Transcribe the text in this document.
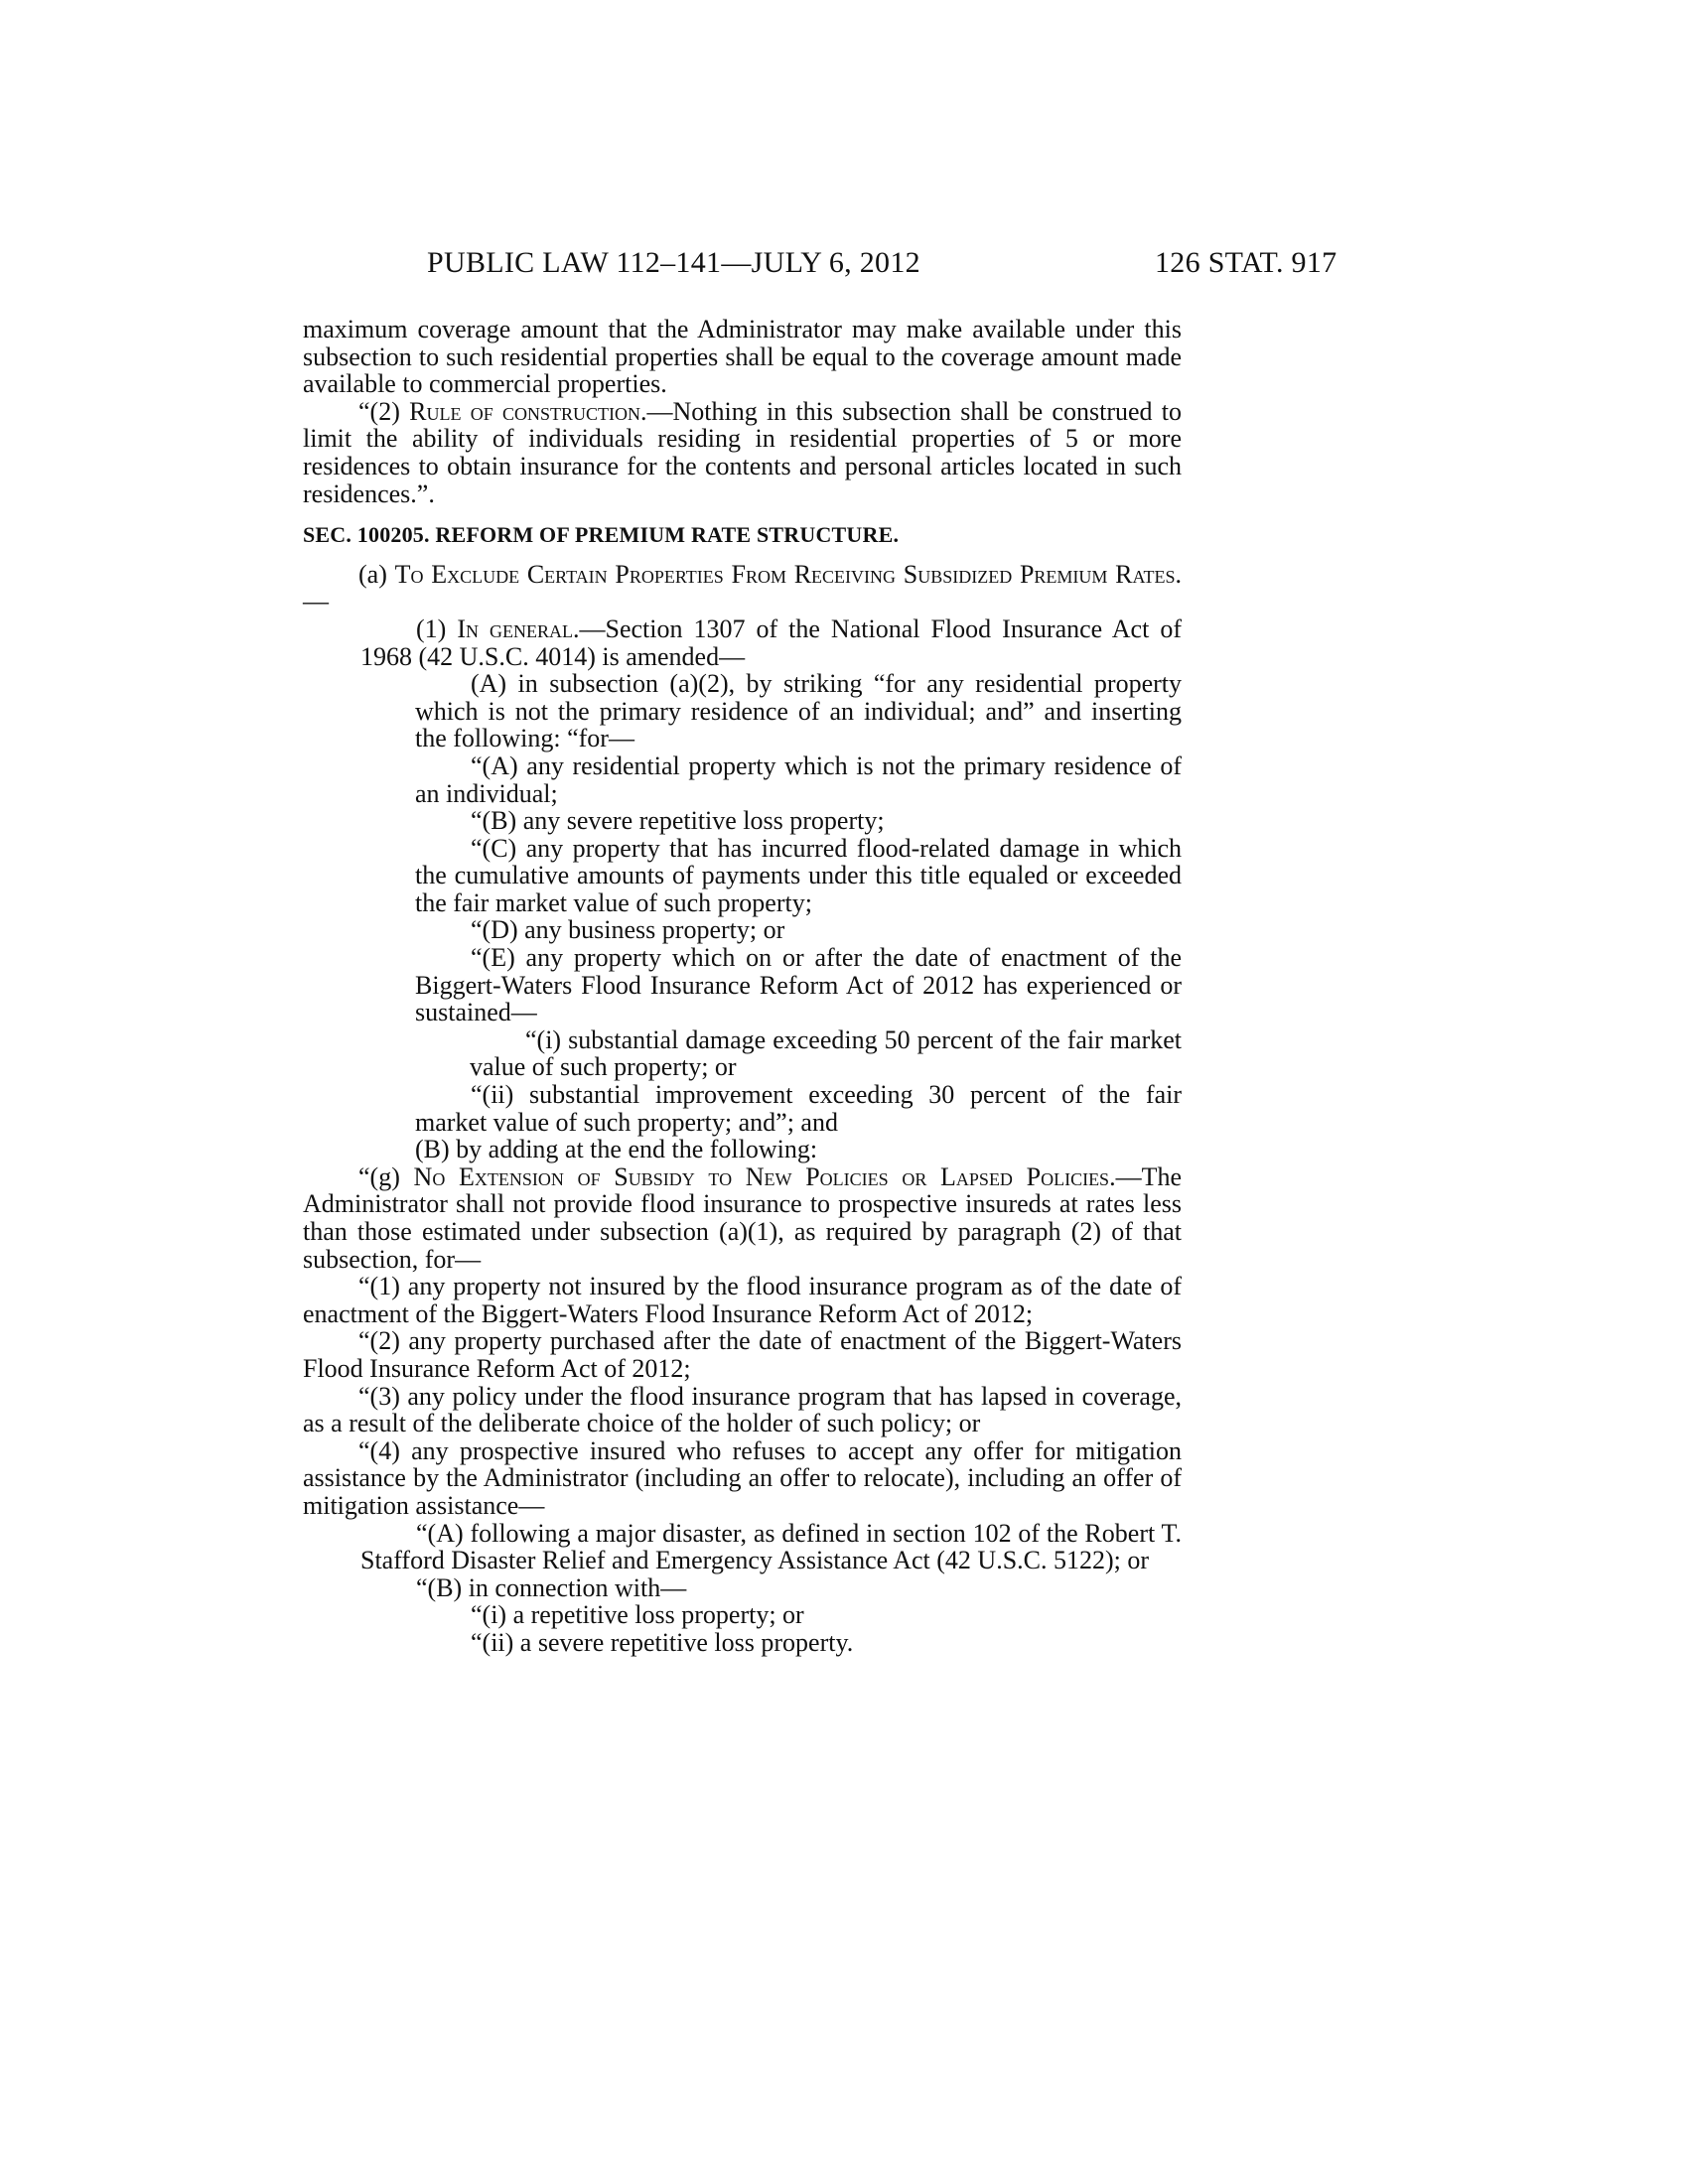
PUBLIC LAW 112–141—JULY 6, 2012	126 STAT. 917

maximum coverage amount that the Administrator may make available under this subsection to such residential properties shall be equal to the coverage amount made available to commercial properties.

“(2) Rule of construction.—Nothing in this subsection shall be construed to limit the ability of individuals residing in residential properties of 5 or more residences to obtain insurance for the contents and personal articles located in such residences.”.

SEC. 100205. REFORM OF PREMIUM RATE STRUCTURE.

(a) To Exclude Certain Properties From Receiving Subsidized Premium Rates.—

(1) In general.—Section 1307 of the National Flood Insurance Act of 1968 (42 U.S.C. 4014) is amended—

(A) in subsection (a)(2), by striking “for any residential property which is not the primary residence of an individual; and” and inserting the following: “for—

“(A) any residential property which is not the primary residence of an individual;

“(B) any severe repetitive loss property;

“(C) any property that has incurred flood-related damage in which the cumulative amounts of payments under this title equaled or exceeded the fair market value of such property;

“(D) any business property; or

“(E) any property which on or after the date of enactment of the Biggert-Waters Flood Insurance Reform Act of 2012 has experienced or sustained—

“(i) substantial damage exceeding 50 percent of the fair market value of such property; or

“(ii) substantial improvement exceeding 30 percent of the fair market value of such property; and”; and

(B) by adding at the end the following:

“(g) No Extension of Subsidy to New Policies or Lapsed Policies.—The Administrator shall not provide flood insurance to prospective insureds at rates less than those estimated under subsection (a)(1), as required by paragraph (2) of that subsection, for—

“(1) any property not insured by the flood insurance program as of the date of enactment of the Biggert-Waters Flood Insurance Reform Act of 2012;

“(2) any property purchased after the date of enactment of the Biggert-Waters Flood Insurance Reform Act of 2012;

“(3) any policy under the flood insurance program that has lapsed in coverage, as a result of the deliberate choice of the holder of such policy; or

“(4) any prospective insured who refuses to accept any offer for mitigation assistance by the Administrator (including an offer to relocate), including an offer of mitigation assistance—

“(A) following a major disaster, as defined in section 102 of the Robert T. Stafford Disaster Relief and Emergency Assistance Act (42 U.S.C. 5122); or

“(B) in connection with—

“(i) a repetitive loss property; or

“(ii) a severe repetitive loss property.
